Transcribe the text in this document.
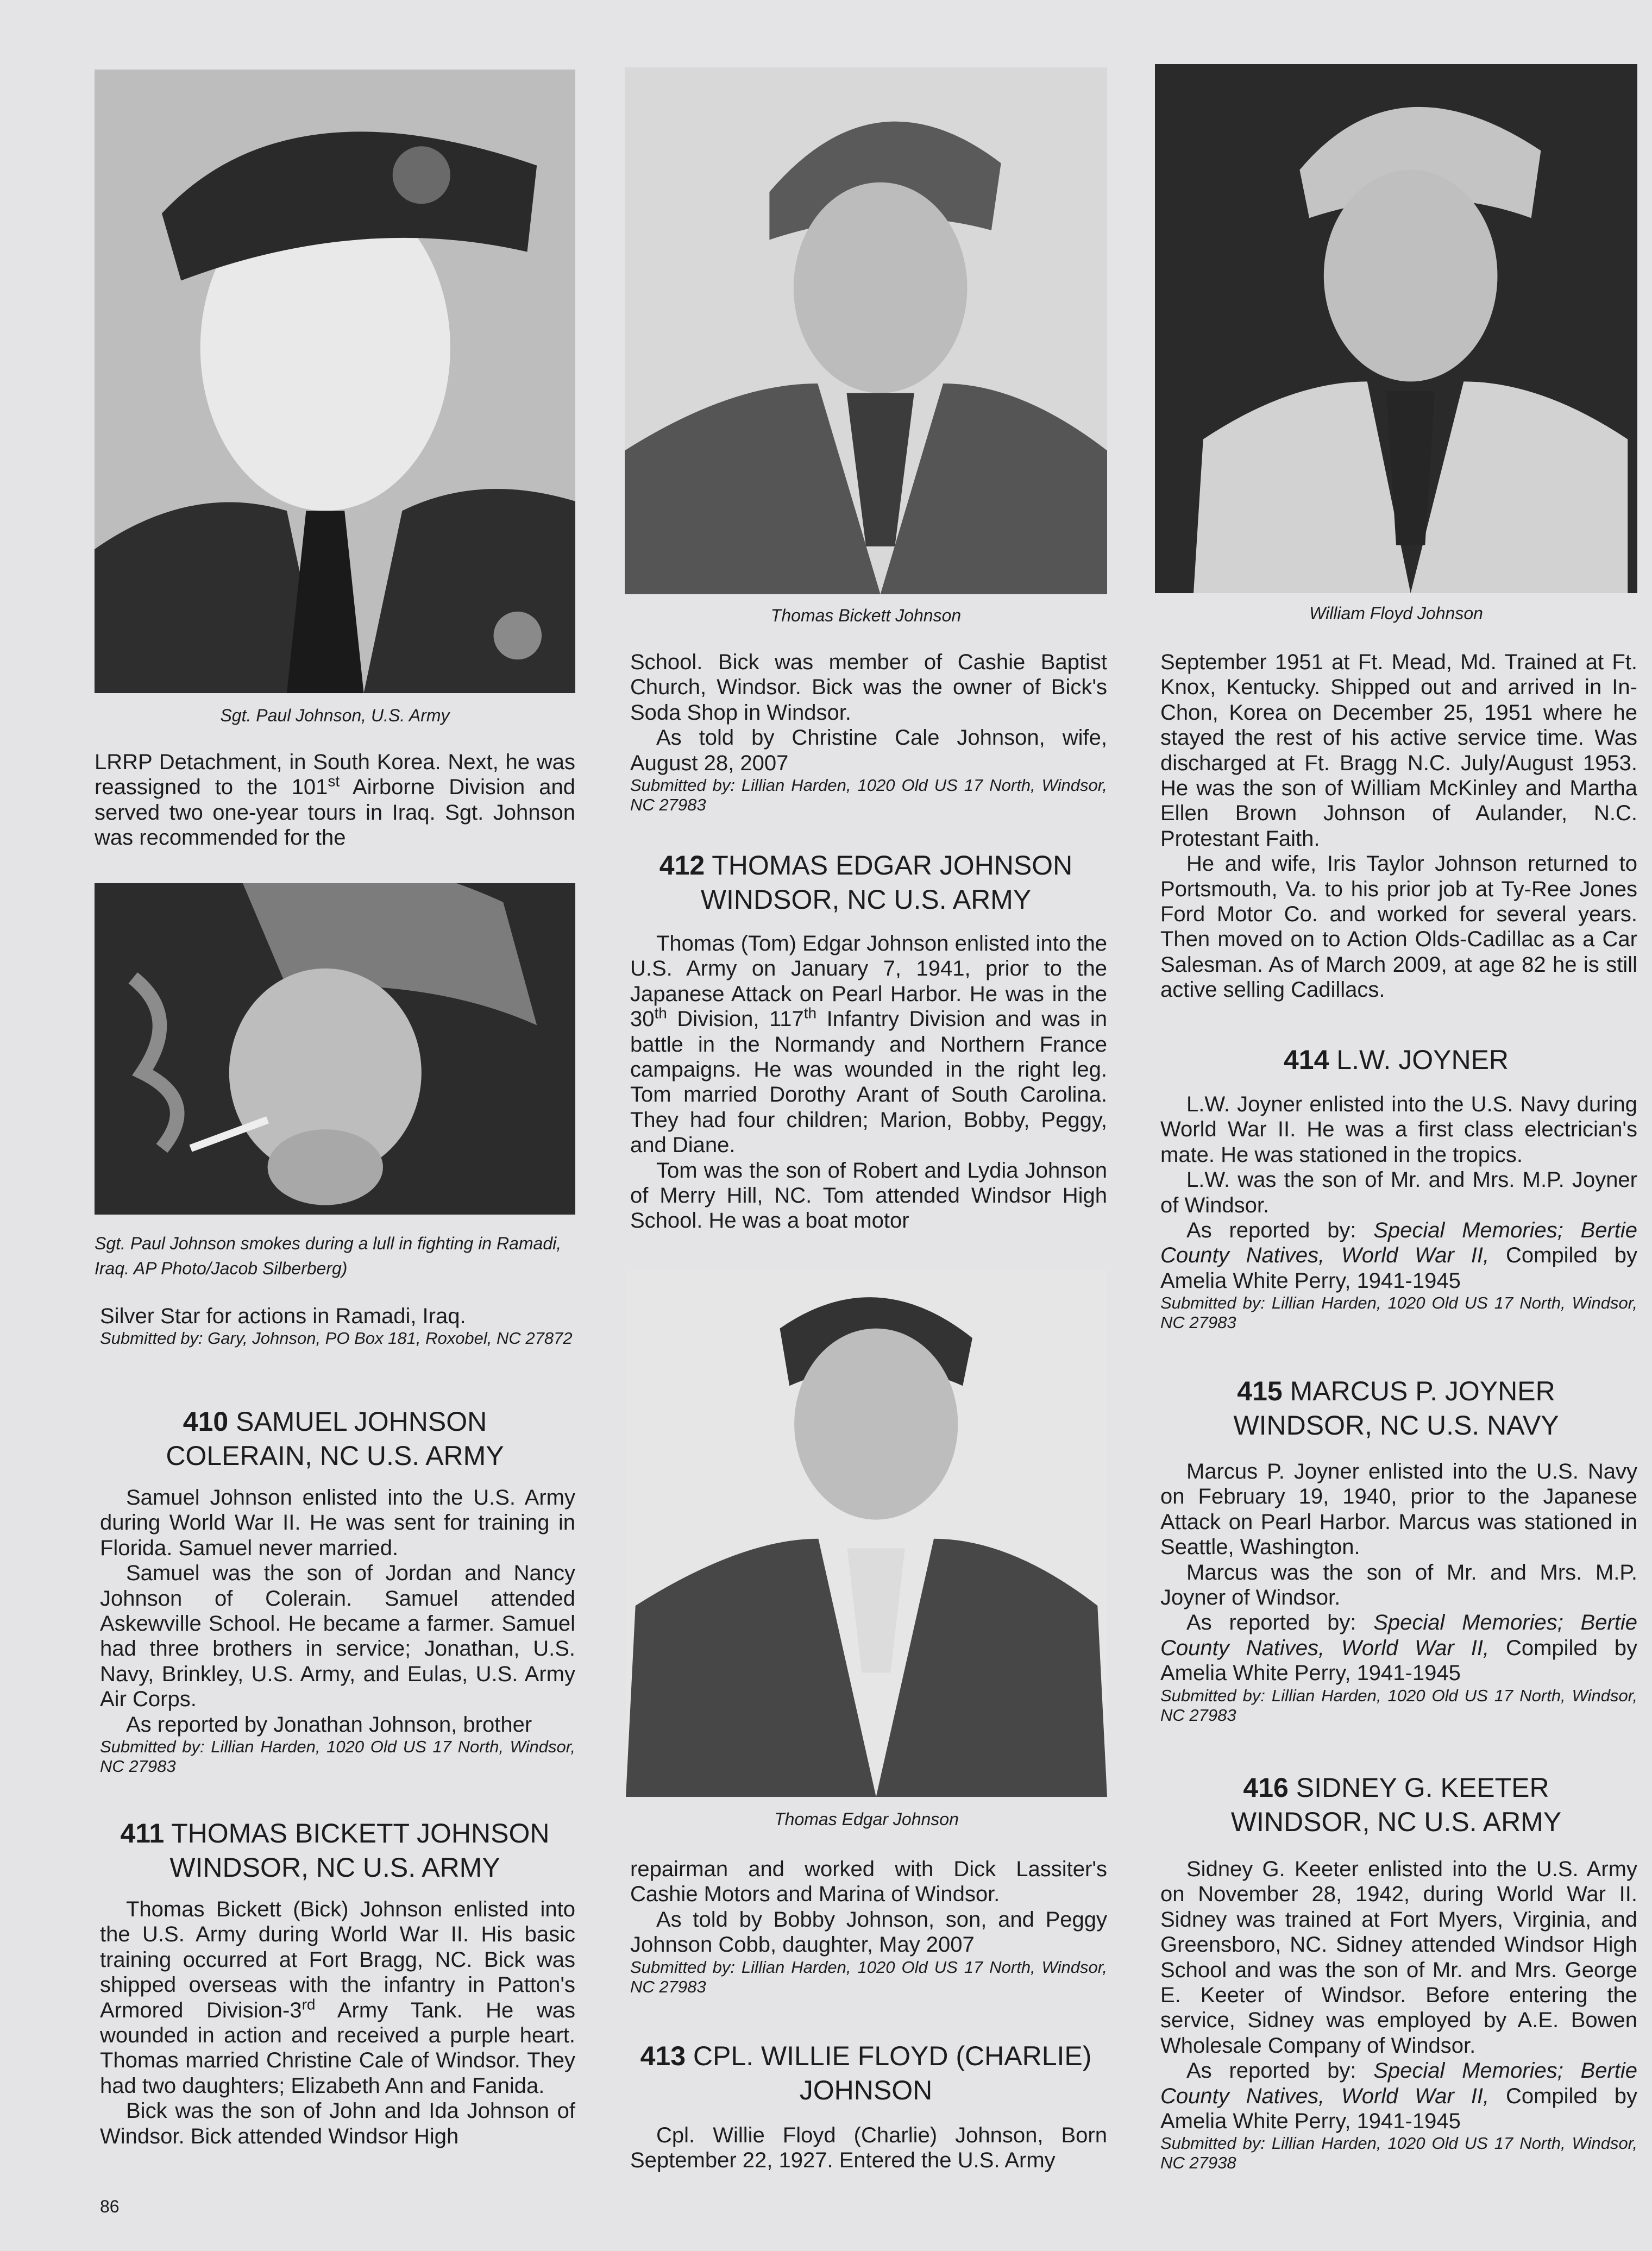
Sgt. Paul Johnson, U.S. Army

LRRP Detachment, in South Korea. Next, he was reassigned to the 101st Airborne Division and served two one-year tours in Iraq. Sgt. Johnson was recommended for the

Sgt. Paul Johnson smokes during a lull in fighting in Ramadi, Iraq. AP Photo/Jacob Silberberg)

Silver Star for actions in Ramadi, Iraq.

Submitted by: Gary, Johnson, PO Box 181, Roxobel, NC 27872
410 SAMUEL JOHNSON
COLERAIN, NC U.S. ARMY

Samuel Johnson enlisted into the U.S. Army during World War II. He was sent for training in Florida. Samuel never married.

Samuel was the son of Jordan and Nancy Johnson of Colerain. Samuel attended Askewville School. He became a farmer. Samuel had three brothers in service; Jonathan, U.S. Navy, Brinkley, U.S. Army, and Eulas, U.S. Army Air Corps.

As reported by Jonathan Johnson, brother

Submitted by: Lillian Harden, 1020 Old US 17 North, Windsor, NC 27983
411 THOMAS BICKETT JOHNSON
WINDSOR, NC U.S. ARMY

Thomas Bickett (Bick) Johnson enlisted into the U.S. Army during World War II. His basic training occurred at Fort Bragg, NC. Bick was shipped overseas with the infantry in Patton's Armored Division-3rd Army Tank. He was wounded in action and received a purple heart. Thomas married Christine Cale of Windsor. They had two daughters; Elizabeth Ann and Fanida.

Bick was the son of John and Ida Johnson of Windsor. Bick attended Windsor High

86
Thomas Bickett Johnson

School. Bick was member of Cashie Baptist Church, Windsor. Bick was the owner of Bick's Soda Shop in Windsor.

As told by Christine Cale Johnson, wife, August 28, 2007

Submitted by: Lillian Harden, 1020 Old US 17 North, Windsor, NC 27983
412 THOMAS EDGAR JOHNSON
WINDSOR, NC U.S. ARMY

Thomas (Tom) Edgar Johnson enlisted into the U.S. Army on January 7, 1941, prior to the Japanese Attack on Pearl Harbor. He was in the 30th Division, 117th Infantry Division and was in battle in the Normandy and Northern France campaigns. He was wounded in the right leg. Tom married Dorothy Arant of South Carolina. They had four children; Marion, Bobby, Peggy, and Diane.

Tom was the son of Robert and Lydia Johnson of Merry Hill, NC. Tom attended Windsor High School. He was a boat motor

Thomas Edgar Johnson

repairman and worked with Dick Lassiter's Cashie Motors and Marina of Windsor.

As told by Bobby Johnson, son, and Peggy Johnson Cobb, daughter, May 2007

Submitted by: Lillian Harden, 1020 Old US 17 North, Windsor, NC 27983
413 CPL. WILLIE FLOYD (CHARLIE)
JOHNSON

Cpl. Willie Floyd (Charlie) Johnson, Born September 22, 1927. Entered the U.S. Army

William Floyd Johnson

September 1951 at Ft. Mead, Md. Trained at Ft. Knox, Kentucky. Shipped out and arrived in In-Chon, Korea on December 25, 1951 where he stayed the rest of his active service time. Was discharged at Ft. Bragg N.C. July/August 1953. He was the son of William McKinley and Martha Ellen Brown Johnson of Aulander, N.C. Protestant Faith.

He and wife, Iris Taylor Johnson returned to Portsmouth, Va. to his prior job at Ty-Ree Jones Ford Motor Co. and worked for several years. Then moved on to Action Olds-Cadillac as a Car Salesman. As of March 2009, at age 82 he is still active selling Cadillacs.

414 L.W. JOYNER

L.W. Joyner enlisted into the U.S. Navy during World War II. He was a first class electrician's mate. He was stationed in the tropics.

L.W. was the son of Mr. and Mrs. M.P. Joyner of Windsor.

As reported by: Special Memories; Bertie County Natives, World War II, Compiled by Amelia White Perry, 1941-1945

Submitted by: Lillian Harden, 1020 Old US 17 North, Windsor, NC 27983
415 MARCUS P. JOYNER
WINDSOR, NC U.S. NAVY

Marcus P. Joyner enlisted into the U.S. Navy on February 19, 1940, prior to the Japanese Attack on Pearl Harbor. Marcus was stationed in Seattle, Washington.

Marcus was the son of Mr. and Mrs. M.P. Joyner of Windsor.

As reported by: Special Memories; Bertie County Natives, World War II, Compiled by Amelia White Perry, 1941-1945

Submitted by: Lillian Harden, 1020 Old US 17 North, Windsor, NC 27983
416 SIDNEY G. KEETER
WINDSOR, NC U.S. ARMY

Sidney G. Keeter enlisted into the U.S. Army on November 28, 1942, during World War II. Sidney was trained at Fort Myers, Virginia, and Greensboro, NC. Sidney attended Windsor High School and was the son of Mr. and Mrs. George E. Keeter of Windsor. Before entering the service, Sidney was employed by A.E. Bowen Wholesale Company of Windsor.

As reported by: Special Memories; Bertie County Natives, World War II, Compiled by Amelia White Perry, 1941-1945

Submitted by: Lillian Harden, 1020 Old US 17 North, Windsor, NC 27938
